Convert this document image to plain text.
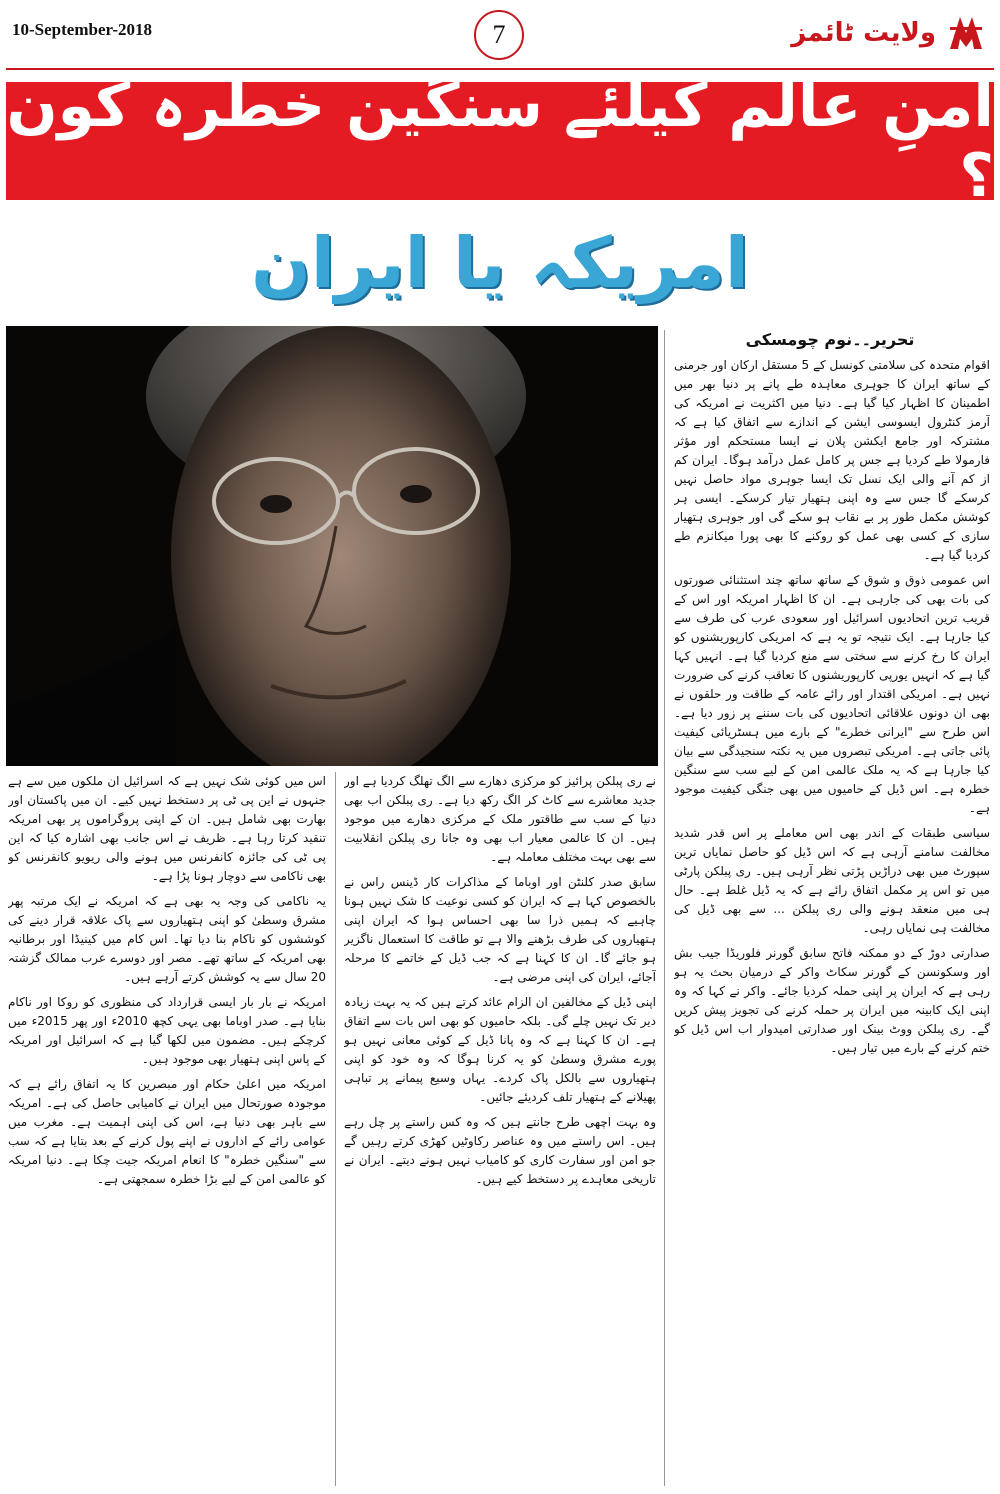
10-September-2018	7	ولایت ٹائمز
امنِ عالم کیلئے سنگین خطرہ کون ؟
امریکہ یا ایران
تحریر۔۔نوم چومسکی

اقوام متحدہ کی سلامتی کونسل کے 5 مستقل ارکان اور جرمنی کے ساتھ ایران کا جوہری معاہدہ طے پانے پر دنیا بھر میں اطمینان کا اظہار کیا گیا ہے۔ دنیا میں اکثریت نے امریکہ کی آرمز کنٹرول ایسوسی ایشن کے اندازے سے اتفاق کیا ہے کہ مشترکہ اور جامع ایکشن پلان نے ایسا مستحکم اور مؤثر فارمولا طے کردیا ہے جس پر کامل عمل درآمد ہوگا۔ ایران کم از کم آنے والی ایک نسل تک ایسا جوہری مواد حاصل نہیں کرسکے گا جس سے وہ اپنی ہتھیار تیار کرسکے۔ ایسی ہر کوشش مکمل طور پر بے نقاب ہو سکے گی اور جوہری ہتھیار سازی کے کسی بھی عمل کو روکنے کا بھی پورا میکانزم طے کردیا گیا ہے۔

اس عمومی ذوق و شوق کے ساتھ ساتھ چند استثنائی صورتوں کی بات بھی کی جارہی ہے۔ ان کا اظہار امریکہ اور اس کے قریب ترین اتحادیوں اسرائیل اور سعودی عرب کی طرف سے کیا جارہا ہے۔ ایک نتیجہ تو یہ ہے کہ امریکی کارپوریشنوں کو ایران کا رخ کرنے سے سختی سے منع کردیا گیا ہے۔ انہیں کہا گیا ہے کہ انہیں یورپی کارپوریشنوں کا تعاقب کرنے کی ضرورت نہیں ہے۔ امریکی اقتدار اور رائے عامہ کے طاقت ور حلقوں نے بھی ان دونوں علاقائی اتحادیوں کی بات سننے پر زور دیا ہے۔ اس طرح سے "ایرانی خطرے" کے بارے میں ہسٹریائی کیفیت پائی جاتی ہے۔ امریکی تبصروں میں یہ نکتہ سنجیدگی سے بیان کیا جارہا ہے کہ یہ ملک عالمی امن کے لیے سب سے سنگین خطرہ ہے۔ اس ڈیل کے حامیوں میں بھی جنگی کیفیت موجود ہے۔

سیاسی طبقات کے اندر بھی اس معاملے پر اس قدر شدید مخالفت سامنے آرہی ہے کہ اس ڈیل کو حاصل نمایاں ترین سپورٹ میں بھی دراڑیں پڑتی نظر آرہی ہیں۔ ری پبلکن پارٹی میں تو اس پر مکمل اتفاق رائے ہے کہ یہ ڈیل غلط ہے۔ حال ہی میں منعقد ہونے والی ری پبلکن ... سے بھی ڈیل کی مخالفت ہی نمایاں رہی۔

صدارتی دوڑ کے دو ممکنہ فاتح سابق گورنر فلوریڈا جیب بش اور وسکونسن کے گورنر سکاٹ واکر کے درمیان بحث یہ ہو رہی ہے کہ ایران پر اپنی حملہ کردیا جائے۔ واکر نے کہا کہ وہ اپنی ایک کابینہ میں ایران پر حملہ کرنے کی تجویز پیش کریں گے۔ ری پبلکن ووٹ بینک اور صدارتی امیدوار اب اس ڈیل کو ختم کرنے کے بارے میں تیار ہیں۔

نے ری پبلکن پرائیز کو مرکزی دھارے سے الگ تھلگ کردیا ہے اور جدید معاشرے سے کاٹ کر الگ رکھ دیا ہے۔ ری پبلکن اب بھی دنیا کے سب سے طاقتور ملک کے مرکزی دھارے میں موجود ہیں۔ ان کا عالمی معیار اب بھی وہ جانا ری پبلکن انقلابیت سے بھی بہت مختلف معاملہ ہے۔

سابق صدر کلنٹن اور اوباما کے مذاکرات کار ڈینس راس نے بالخصوص کہا ہے کہ ایران کو کسی نوعیت کا شک نہیں ہونا چاہیے کہ ہمیں ذرا سا بھی احساس ہوا کہ ایران اپنی ہتھیاروں کی طرف بڑھنے والا ہے تو طاقت کا استعمال ناگزیر ہو جائے گا۔ ان کا کہنا ہے کہ جب ڈیل کے خاتمے کا مرحلہ آجائے، ایران کی اپنی مرضی ہے۔

اپنی ڈیل کے مخالفین ان الزام عائد کرتے ہیں کہ یہ بہت زیادہ دیر تک نہیں چلے گی۔ بلکہ حامیوں کو بھی اس بات سے اتفاق ہے۔ ان کا کہنا ہے کہ وہ پانا ڈیل کے کوئی معانی نہیں ہو پورے مشرق وسطیٰ کو یہ کرنا ہوگا کہ وہ خود کو اپنی ہتھیاروں سے بالکل پاک کردے۔ یہاں وسیع پیمانے پر تباہی پھیلانے کے ہتھیار تلف کردیئے جائیں۔

وہ بہت اچھی طرح جانتے ہیں کہ وہ کس راستے پر چل رہے ہیں۔ اس راستے میں وہ عناصر رکاوٹیں کھڑی کرتے رہیں گے جو امن اور سفارت کاری کو کامیاب نہیں ہونے دیتے۔ ایران نے تاریخی معاہدے پر دستخط کیے ہیں۔

اس میں کوئی شک نہیں ہے کہ اسرائیل ان ملکوں میں سے ہے جنہوں نے این پی ٹی پر دستخط نہیں کیے۔ ان میں پاکستان اور بھارت بھی شامل ہیں۔ ان کے اپنی پروگراموں پر بھی امریکہ تنقید کرتا رہا ہے۔ ظریف نے اس جانب بھی اشارہ کیا کہ این پی ٹی کی جائزہ کانفرنس میں ہونے والی ریویو کانفرنس کو بھی ناکامی سے دوچار ہونا پڑا ہے۔

یہ ناکامی کی وجہ یہ بھی ہے کہ امریکہ نے ایک مرتبہ پھر مشرق وسطیٰ کو اپنی ہتھیاروں سے پاک علاقہ قرار دینے کی کوششوں کو ناکام بنا دیا تھا۔ اس کام میں کینیڈا اور برطانیہ بھی امریکہ کے ساتھ تھے۔ مصر اور دوسرے عرب ممالک گزشتہ 20 سال سے یہ کوشش کرتے آرہے ہیں۔

امریکہ نے بار بار ایسی قرارداد کی منظوری کو روکا اور ناکام بنایا ہے۔ صدر اوباما بھی یہی کچھ 2010ء اور پھر 2015ء میں کرچکے ہیں۔ مضمون میں لکھا گیا ہے کہ اسرائیل اور امریکہ کے پاس اپنی ہتھیار بھی موجود ہیں۔

امریکہ میں اعلیٰ حکام اور مبصرین کا یہ اتفاق رائے ہے کہ موجودہ صورتحال میں ایران نے کامیابی حاصل کی ہے۔ امریکہ سے باہر بھی دنیا ہے، اس کی اپنی اہمیت ہے۔ مغرب میں عوامی رائے کے اداروں نے اپنے پول کرنے کے بعد بتایا ہے کہ سب سے "سنگین خطرہ" کا انعام امریکہ جیت چکا ہے۔ دنیا امریکہ کو عالمی امن کے لیے بڑا خطرہ سمجھتی ہے۔
